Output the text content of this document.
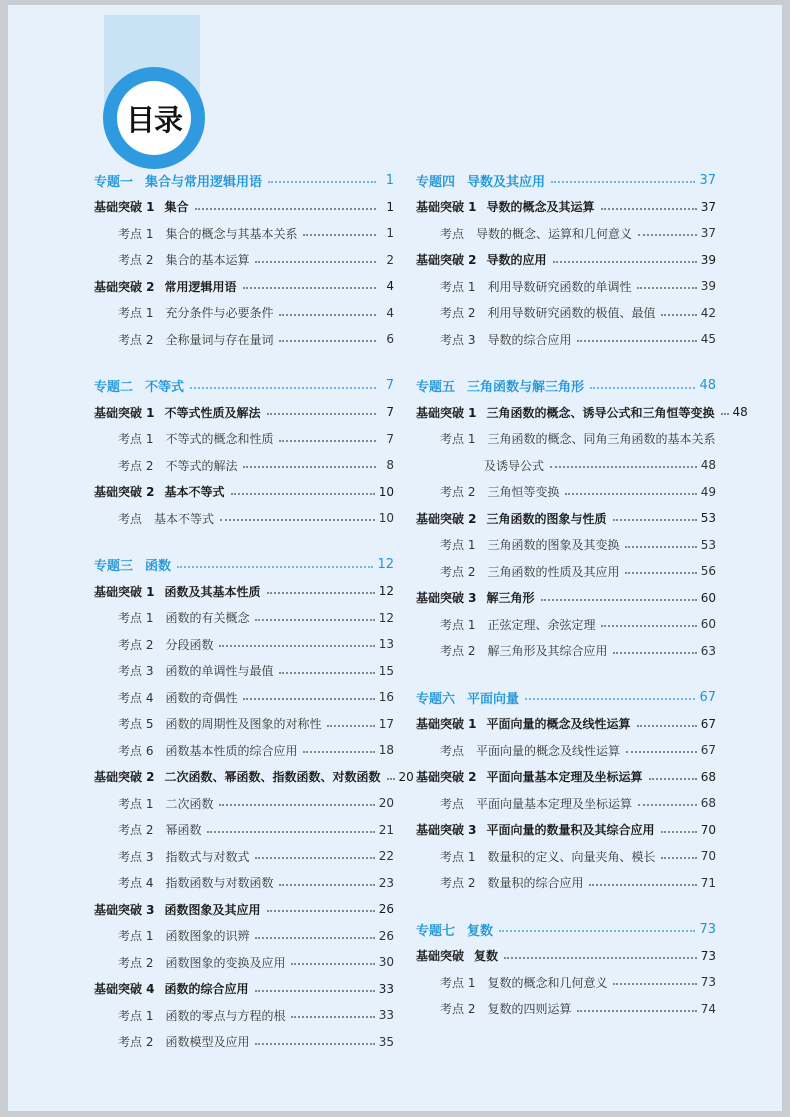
目录
专题一 集合与常用逻辑用语	1
基础突破 1 集合	1
考点 1 集合的概念与其基本关系	1
考点 2 集合的基本运算	2
基础突破 2 常用逻辑用语	4
考点 1 充分条件与必要条件	4
考点 2 全称量词与存在量词	6
专题二 不等式	7
基础突破 1 不等式性质及解法	7
考点 1 不等式的概念和性质	7
考点 2 不等式的解法	8
基础突破 2 基本不等式	10
考点 基本不等式	10
专题三 函数	12
基础突破 1 函数及其基本性质	12
考点 1 函数的有关概念	12
考点 2 分段函数	13
考点 3 函数的单调性与最值	15
考点 4 函数的奇偶性	16
考点 5 函数的周期性及图象的对称性	17
考点 6 函数基本性质的综合应用	18
基础突破 2 二次函数、幂函数、指数函数、对数函数 20
考点 1 二次函数	20
考点 2 幂函数	21
考点 3 指数式与对数式	22
考点 4 指数函数与对数函数	23
基础突破 3 函数图象及其应用	26
考点 1 函数图象的识辨	26
考点 2 函数图象的变换及应用	30
基础突破 4 函数的综合应用	33
考点 1 函数的零点与方程的根	33
考点 2 函数模型及应用	35
专题四 导数及其应用	37
基础突破 1 导数的概念及其运算	37
考点 导数的概念、运算和几何意义	37
基础突破 2 导数的应用	39
考点 1 利用导数研究函数的单调性	39
考点 2 利用导数研究函数的极值、最值	42
考点 3 导数的综合应用	45
专题五 三角函数与解三角形	48
基础突破 1 三角函数的概念、诱导公式和三角恒等变换 48
考点 1 三角函数的概念、同角三角函数的基本关系
及诱导公式	48
考点 2 三角恒等变换	49
基础突破 2 三角函数的图象与性质	53
考点 1 三角函数的图象及其变换	53
考点 2 三角函数的性质及其应用	56
基础突破 3 解三角形	60
考点 1 正弦定理、余弦定理	60
考点 2 解三角形及其综合应用	63
专题六 平面向量	67
基础突破 1 平面向量的概念及线性运算	67
考点 平面向量的概念及线性运算	67
基础突破 2 平面向量基本定理及坐标运算	68
考点 平面向量基本定理及坐标运算	68
基础突破 3 平面向量的数量积及其综合应用	70
考点 1 数量积的定义、向量夹角、模长	70
考点 2 数量积的综合应用	71
专题七 复数	73
基础突破 复数	73
考点 1 复数的概念和几何意义	73
考点 2 复数的四则运算	74
